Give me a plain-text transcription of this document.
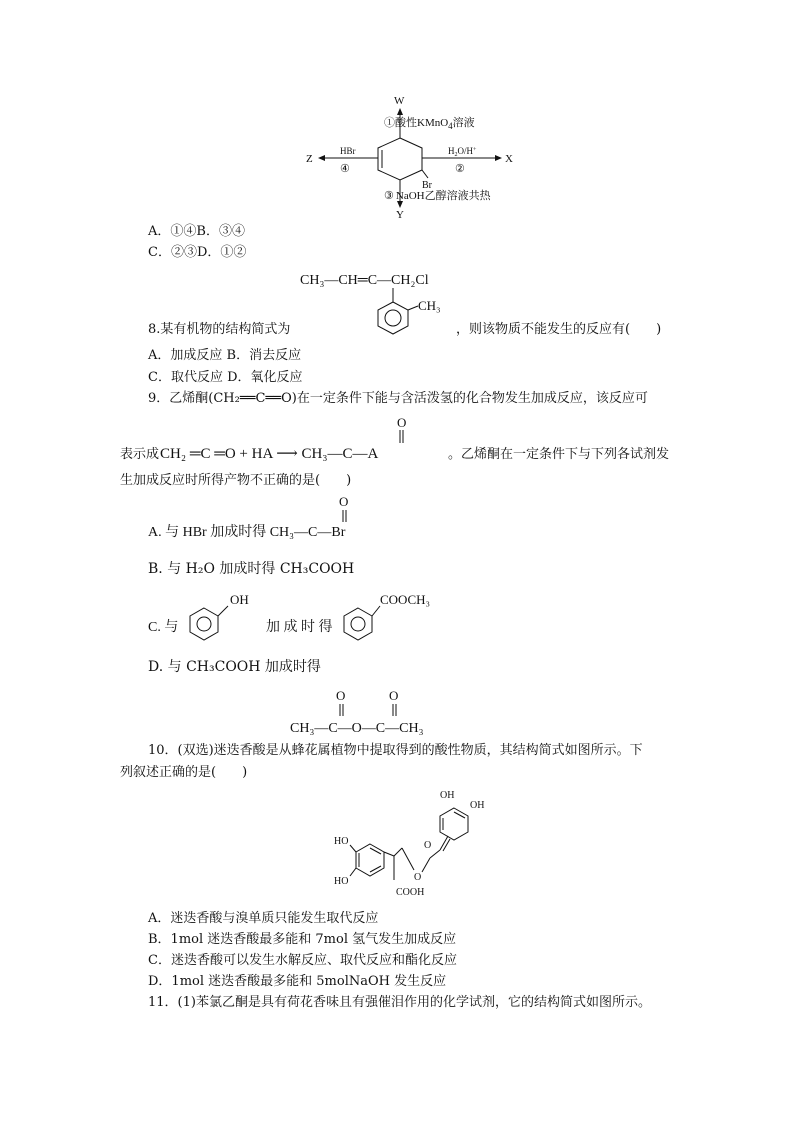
W
①酸性KMnO$_4$溶液
Z
HBr
④
X
$H_2O/H^+$
②
Br
③ NaOH乙醇溶液共热
Y
A．①④B．③④
C．②③D．①②
CH₃—CH═C—CH₂Cl
CH₃
8.某有机物的结构简式为	，则该物质不能发生的反应有(　　)
A．加成反应 B．消去反应
C．取代反应 D．氧化反应
9．乙烯酮(CH₂══C══O)在一定条件下能与含活泼氢的化合物发生加成反应，该反应可
表示成
O
CH₂ ═C ═O + HA ⟶ CH₃—C—A	。乙烯酮在一定条件下与下列各试剂发
生加成反应时所得产物不正确的是(　　)
O
A. 与 HBr 加成时得 CH₃—C—Br
B. 与 H₂O 加成时得 CH₃COOH
C. 与
OH
加 成 时 得
COOCH₃
D. 与 CH₃COOH 加成时得
O	O
CH₃—C—O—C—CH₃
10．(双选)迷迭香酸是从蜂花属植物中提取得到的酸性物质，其结构简式如图所示。下
列叙述正确的是(　　)
HO
HO
COOH
O
O
OH
OH
A．迷迭香酸与溴单质只能发生取代反应
B．1mol 迷迭香酸最多能和 7mol 氢气发生加成反应
C．迷迭香酸可以发生水解反应、取代反应和酯化反应
D．1mol 迷迭香酸最多能和 5molNaOH 发生反应
11．(1)苯氯乙酮是具有荷花香味且有强催泪作用的化学试剂，它的结构简式如图所示。
